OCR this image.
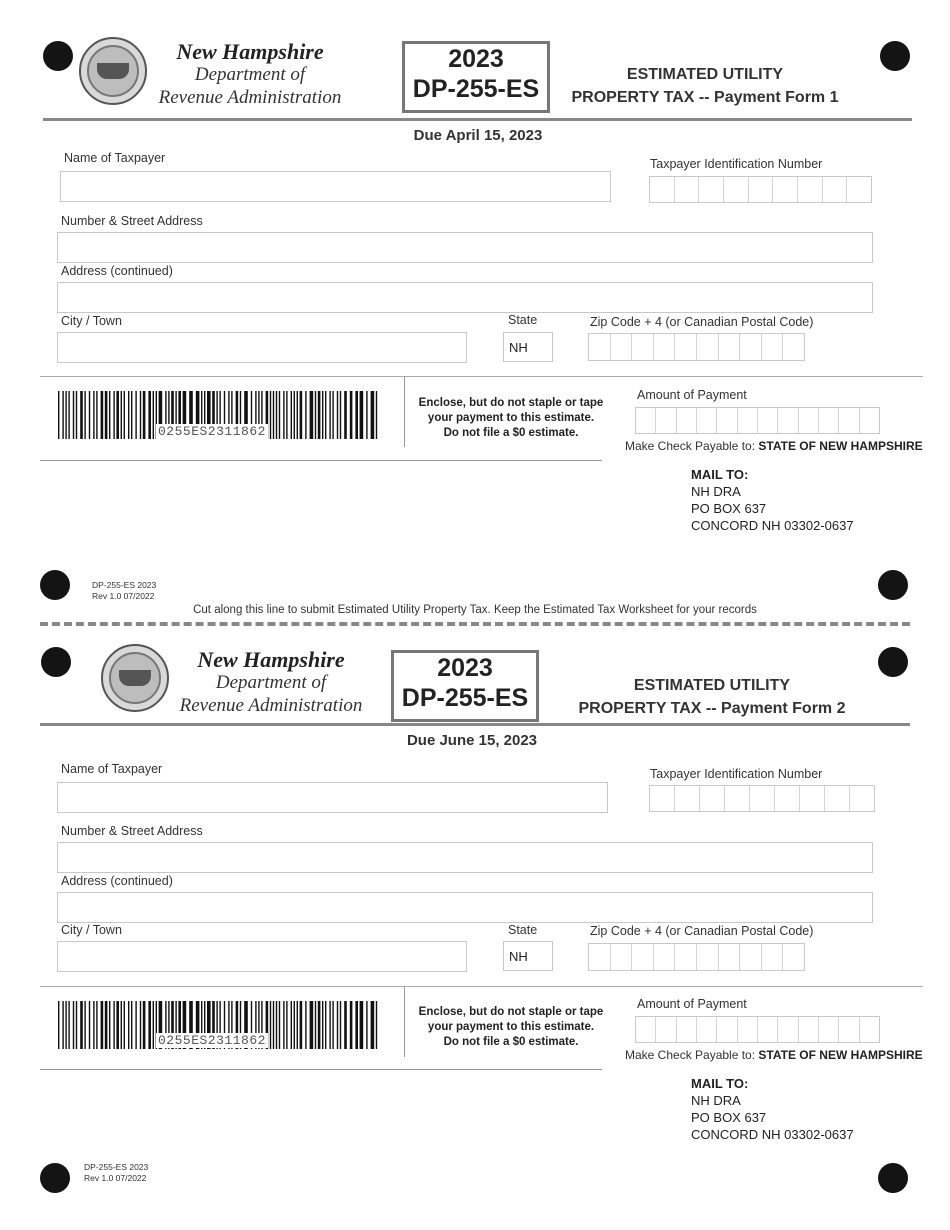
New Hampshire
Department of
Revenue Administration
2023
DP-255-ES
ESTIMATED UTILITY
PROPERTY TAX -- Payment Form 1
Due April 15, 2023
Name of Taxpayer	Taxpayer Identification Number
Number & Street Address
Address (continued)
City / Town	State
NH
Zip Code + 4 (or Canadian Postal Code)
0255ES2311862
Enclose, but do not staple or tape
your payment to this estimate.
Do not file a $0 estimate.
Amount of Payment
Make Check Payable to: STATE OF NEW HAMPSHIRE
MAIL TO:
NH DRA
PO BOX 637
CONCORD NH 03302-0637
DP-255-ES 2023
Rev 1.0 07/2022
Cut along this line to submit Estimated Utility Property Tax. Keep the Estimated Tax Worksheet for your records
New Hampshire
Department of
Revenue Administration
2023
DP-255-ES	ESTIMATED UTILITY
PROPERTY TAX -- Payment Form 2
Due June 15, 2023
Name of Taxpayer	Taxpayer Identification Number
Number & Street Address
Address (continued)
City / Town	State
NH
Zip Code + 4 (or Canadian Postal Code)
0255ES2311862
Enclose, but do not staple or tape
your payment to this estimate.
Do not file a $0 estimate.
Amount of Payment
Make Check Payable to: STATE OF NEW HAMPSHIRE
MAIL TO:
NH DRA
PO BOX 637
CONCORD NH 03302-0637
DP-255-ES 2023
Rev 1.0 07/2022
